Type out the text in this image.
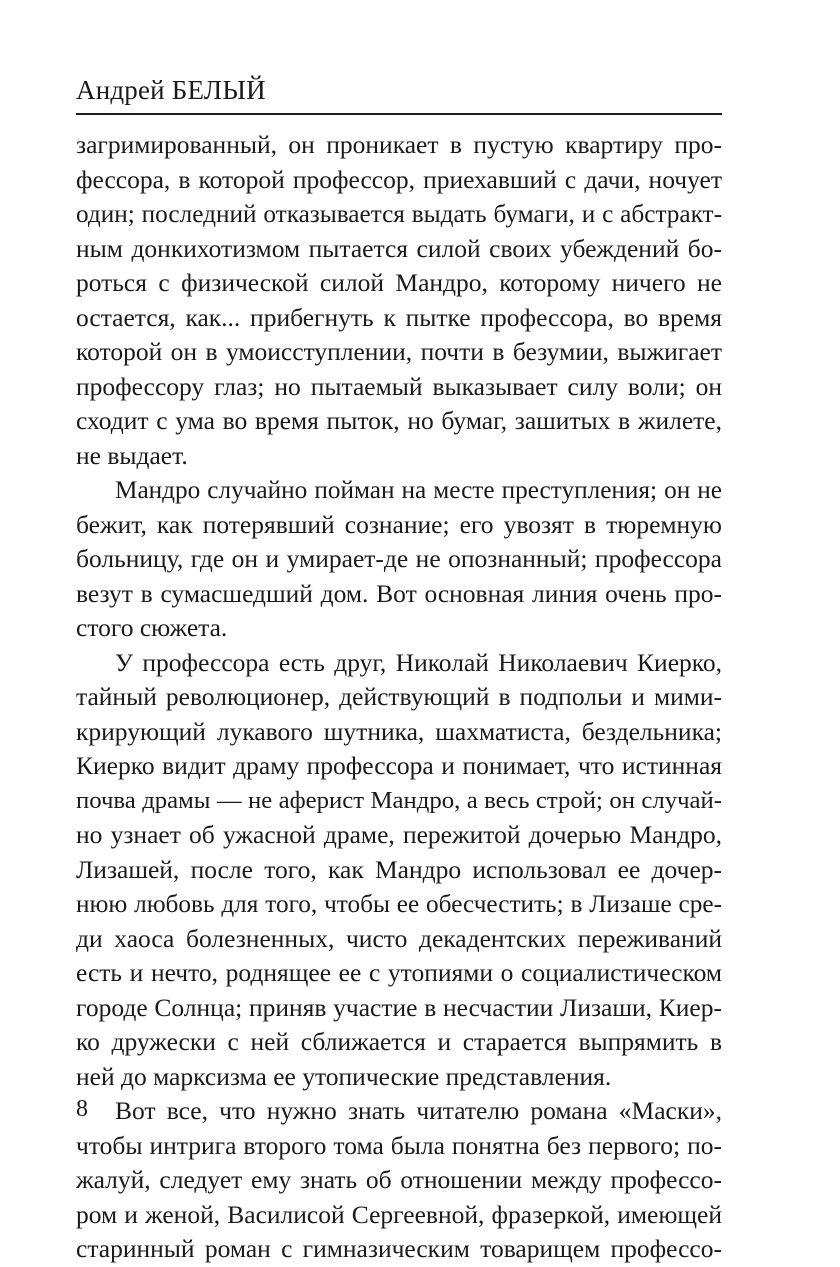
Андрей БЕЛЫЙ
загримированный, он проникает в пустую квартиру про-
фессора, в которой профессор, приехавший с дачи, ночует
один; последний отказывается выдать бумаги, и с абстракт-
ным донкихотизмом пытается силой своих убеждений бо-
роться с физической силой Мандро, которому ничего не
остается, как... прибегнуть к пытке профессора, во время
которой он в умоисступлении, почти в безумии, выжигает
профессору глаз; но пытаемый выказывает силу воли; он
сходит с ума во время пыток, но бумаг, зашитых в жилете,
не выдает.
Мандро случайно пойман на месте преступления; он не
бежит, как потерявший сознание; его увозят в тюремную
больницу, где он и умирает-де не опознанный; профессора
везут в сумасшедший дом. Вот основная линия очень про-
стого сюжета.
У профессора есть друг, Николай Николаевич Киерко,
тайный революционер, действующий в подпольи и мими-
крирующий лукавого шутника, шахматиста, бездельника;
Киерко видит драму профессора и понимает, что истинная
почва драмы — не аферист Мандро, а весь строй; он случай-
но узнает об ужасной драме, пережитой дочерью Мандро,
Лизашей, после того, как Мандро использовал ее дочер-
нюю любовь для того, чтобы ее обесчестить; в Лизаше сре-
ди хаоса болезненных, чисто декадентских переживаний
есть и нечто, роднящее ее с утопиями о социалистическом
городе Солнца; приняв участие в несчастии Лизаши, Киер-
ко дружески с ней сближается и старается выпрямить в
ней до марксизма ее утопические представления.
Вот все, что нужно знать читателю романа «Маски»,
чтобы интрига второго тома была понятна без первого; по-
жалуй, следует ему знать об отношении между профессо-
ром и женой, Василисой Сергеевной, фразеркой, имеющей
старинный роман с гимназическим товарищем профессо-
8
